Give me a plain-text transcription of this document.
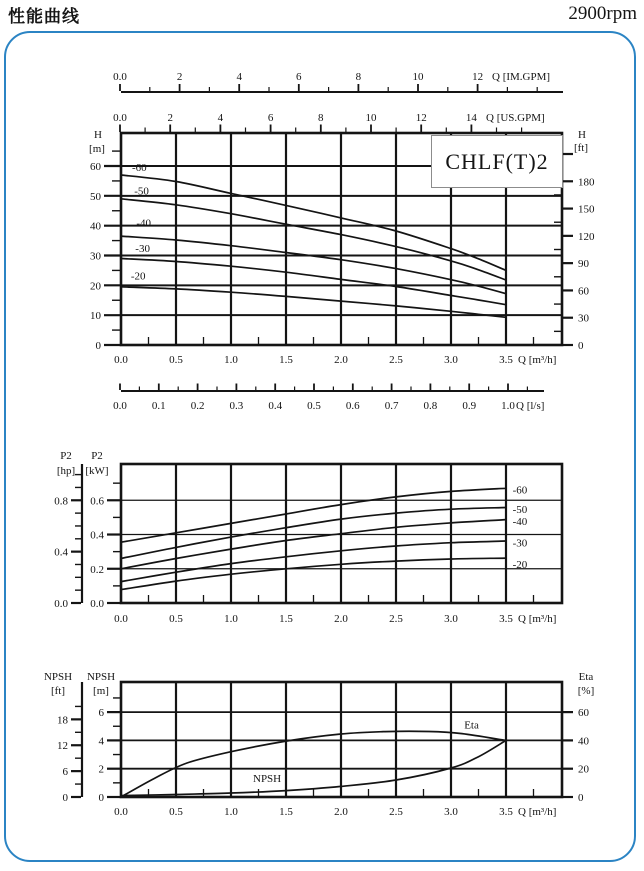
性能曲线	2900rpm
0
10
20
30
40
50
60
H
[m]
0
30
60
90
120
150
180
H
[ft]
0.0	0.5	1.0	1.5	2.0	2.5	3.0	3.5 Q [m³/h]
-60
-50
-40
-30
-20
0.0	2	4	6	8	10	12	14 Q [US.GPM]
0.0	2	4	6	8	10	12 Q [IM.GPM]
0.0 0.1 0.2 0.3 0.4 0.5 0.6 0.7 0.8 0.9 1.0 Q [l/s]
0.0
0.2
0.4
0.6
P2
[kW]
0.0
0.4
0.8
P2
[hp]
0.0	0.5	1.0	1.5	2.0	2.5	3.0	3.5 Q [m³/h]
-60
-50
-40
-30
-20
0
2
4
6
NPSH
[m]
0
6
12
18
NPSH
[ft]
0
20
40
60
Eta
[%]
0.0	0.5	1.0	1.5	2.0	2.5	3.0	3.5 Q [m³/h]
NPSH
Eta
CHLF(T)2
